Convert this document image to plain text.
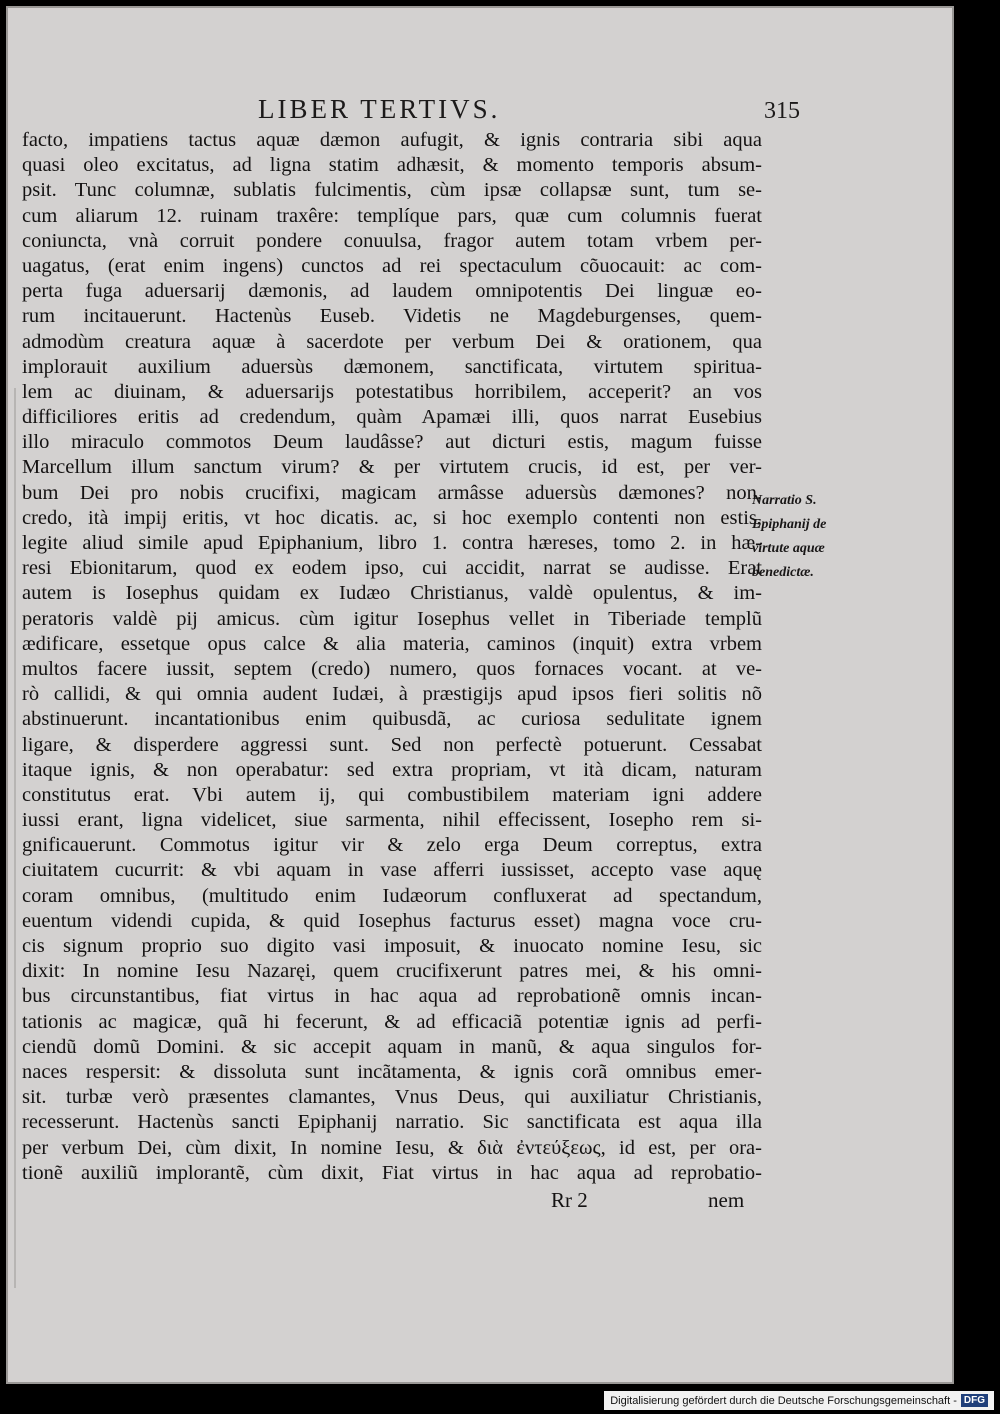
LIBER TERTIVS.	315
facto, impatiens tactus aquæ dæmon aufugit, & ignis contraria sibi aqua
quasi oleo excitatus, ad ligna statim adhæsit, & momento temporis absum-
psit. Tunc columnæ, sublatis fulcimentis, cùm ipsæ collapsæ sunt, tum se-
cum aliarum 12. ruinam traxêre: templíque pars, quæ cum columnis fuerat
coniuncta, vnà corruit pondere conuulsa, fragor autem totam vrbem per-
uagatus, (erat enim ingens) cunctos ad rei spectaculum cõuocauit: ac com-
perta fuga aduersarij dæmonis, ad laudem omnipotentis Dei linguæ eo-
rum incitauerunt. Hactenùs Euseb. Videtis ne Magdeburgenses, quem-
admodùm creatura aquæ à sacerdote per verbum Dei & orationem, qua
implorauit auxilium aduersùs dæmonem, sanctificata, virtutem spiritua-
lem ac diuinam, & aduersarijs potestatibus horribilem, acceperit? an vos
difficiliores eritis ad credendum, quàm Apamæi illi, quos narrat Eusebius
illo miraculo commotos Deum laudâsse? aut dicturi estis, magum fuisse
Marcellum illum sanctum virum? & per virtutem crucis, id est, per ver-
bum Dei pro nobis crucifixi, magicam armâsse aduersùs dæmones? non,
credo, ità impij eritis, vt hoc dicatis. ac, si hoc exemplo contenti non estis,
legite aliud simile apud Epiphanium, libro 1. contra hæreses, tomo 2. in hæ-
resi Ebionitarum, quod ex eodem ipso, cui accidit, narrat se audisse. Erat
autem is Iosephus quidam ex Iudæo Christianus, valdè opulentus, & im-
peratoris valdè pij amicus. cùm igitur Iosephus vellet in Tiberiade templũ
ædificare, essetque opus calce & alia materia, caminos (inquit) extra vrbem
multos facere iussit, septem (credo) numero, quos fornaces vocant. at ve-
rò callidi, & qui omnia audent Iudæi, à præstigijs apud ipsos fieri solitis nõ
abstinuerunt. incantationibus enim quibusdã, ac curiosa sedulitate ignem
ligare, & disperdere aggressi sunt. Sed non perfectè potuerunt. Cessabat
itaque ignis, & non operabatur: sed extra propriam, vt ità dicam, naturam
constitutus erat. Vbi autem ij, qui combustibilem materiam igni addere
iussi erant, ligna videlicet, siue sarmenta, nihil effecissent, Iosepho rem si-
gnificauerunt. Commotus igitur vir & zelo erga Deum correptus, extra
ciuitatem cucurrit: & vbi aquam in vase afferri iussisset, accepto vase aquę
coram omnibus, (multitudo enim Iudæorum confluxerat ad spectandum,
euentum videndi cupida, & quid Iosephus facturus esset) magna voce cru-
cis signum proprio suo digito vasi imposuit, & inuocato nomine Iesu, sic
dixit: In nomine Iesu Nazaręi, quem crucifixerunt patres mei, & his omni-
bus circunstantibus, fiat virtus in hac aqua ad reprobationẽ omnis incan-
tationis ac magicæ, quã hi fecerunt, & ad efficaciã potentiæ ignis ad perfi-
ciendũ domũ Domini. & sic accepit aquam in manũ, & aqua singulos for-
naces respersit: & dissoluta sunt incãtamenta, & ignis corã omnibus emer-
sit. turbæ verò præsentes clamantes, Vnus Deus, qui auxiliatur Christianis,
recesserunt. Hactenùs sancti Epiphanij narratio. Sic sanctificata est aqua illa
per verbum Dei, cùm dixit, In nomine Iesu, & διὰ ἐντεύξεως, id est, per ora-
tionẽ auxiliũ implorantẽ, cùm dixit, Fiat virtus in hac aqua ad reprobatio-
Narratio S.
Epiphanij de
virtute aquæ
benedictæ.
Rr 2	nem
Digitalisierung gefördert durch die Deutsche Forschungsgemeinschaft - DFG
